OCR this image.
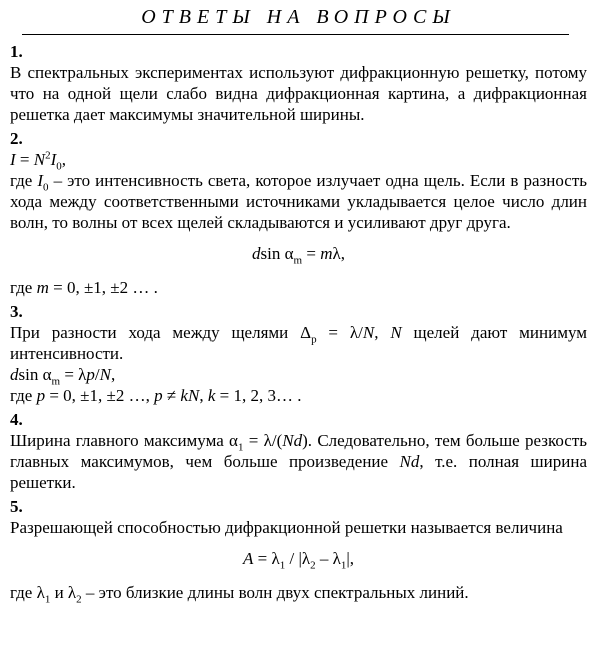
ОТВЕТЫ НА ВОПРОСЫ
1.
В спектральных экспериментах используют дифракционную решетку, потому что на одной щели слабо видна дифракционная картина, а дифракционная решетка дает максимумы значительной ширины.
2.
$I = N^2I_0$,
где $I_0$ – это интенсивность света, которое излучает одна щель. Если в разность хода между соответственными источниками укладывается целое число длин волн, то волны от всех щелей складываются и усиливают друг друга.
dsin $\alpha_m = m\lambda$,
где m = 0, ±1, ±2 … .
3.
При разности хода между щелями $\Delta_p = \lambda/N$, N щелей дают минимум интенсивности.
dsin $\alpha_m = \lambda p/N$,
где p = 0, ±1, ±2 …, p ≠ kN, k = 1, 2, 3… .
4.
Ширина главного максимума $\alpha_1 = \lambda/(Nd)$. Следовательно, тем больше резкость главных максимумов, чем больше произведение Nd, т.е. полная ширина решетки.
5.
Разрешающей способностью дифракционной решетки называется величина
$A = \lambda_1 / |\lambda_2 - \lambda_1|$,
где $\lambda_1$ и $\lambda_2$ – это близкие длины волн двух спектральных линий.
